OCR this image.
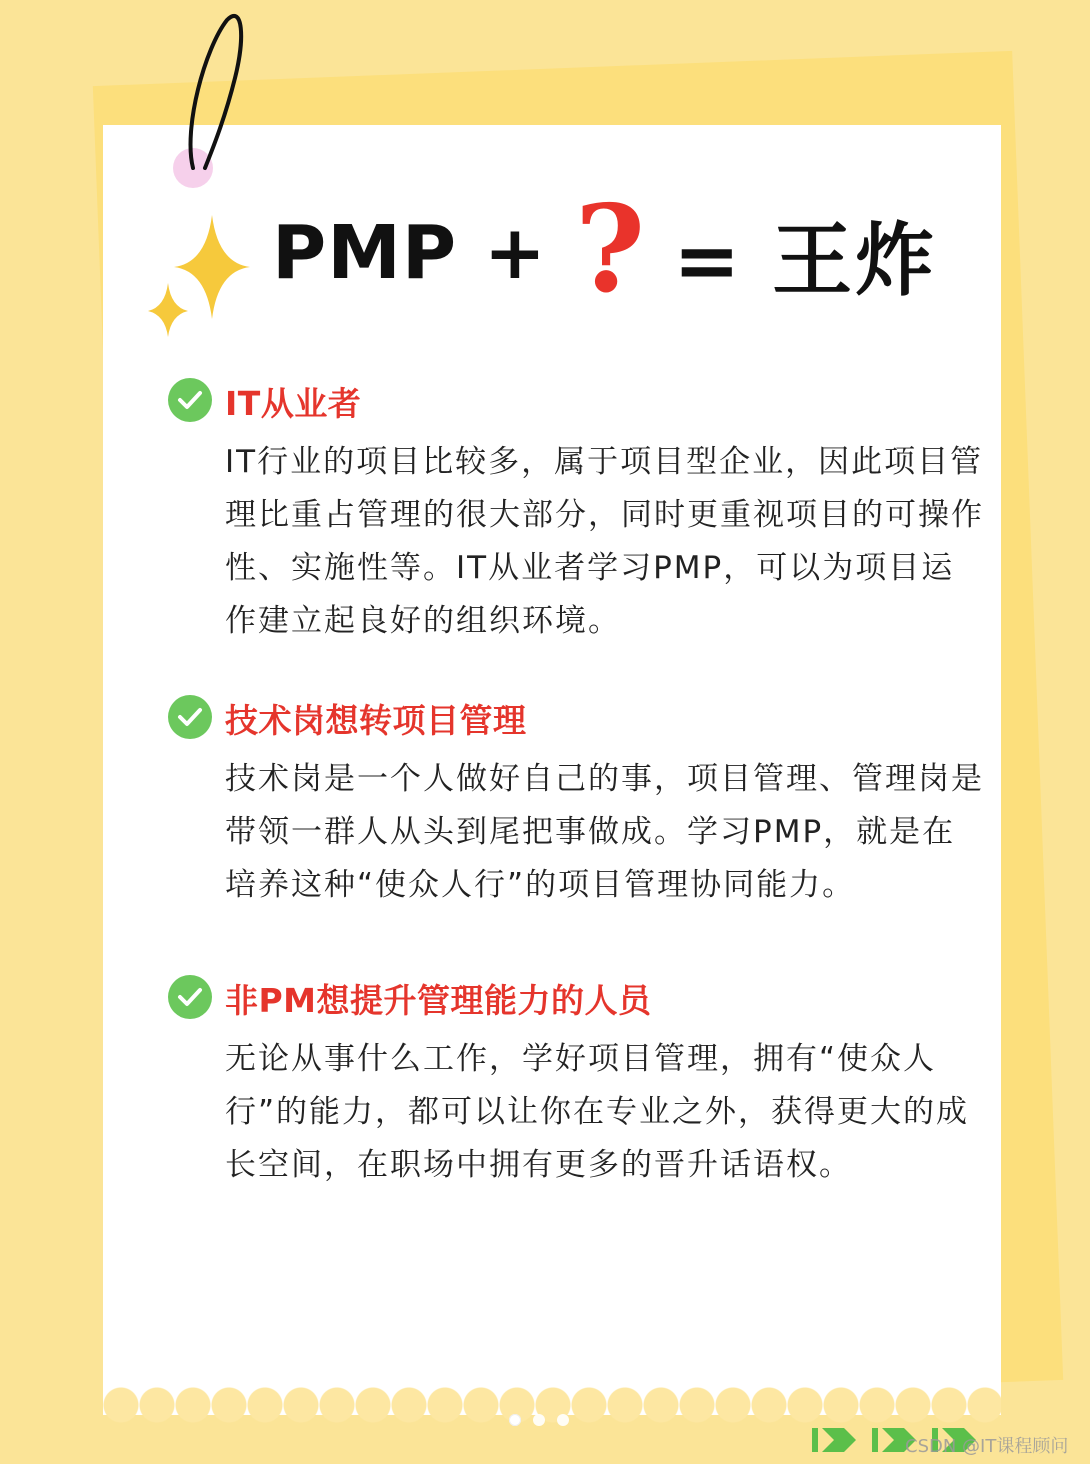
PMP + ? = 王炸
IT从业者
IT行业的项目比较多，属于项目型企业，因此项目管理比重占管理的很大部分，同时更重视项目的可操作性、实施性等。IT从业者学习PMP，可以为项目运作建立起良好的组织环境。
技术岗想转项目管理
技术岗是一个人做好自己的事，项目管理、管理岗是带领一群人从头到尾把事做成。学习PMP，就是在培养这种“使众人行”的项目管理协同能力。
非PM想提升管理能力的人员
无论从事什么工作，学好项目管理，拥有“使众人行”的能力，都可以让你在专业之外，获得更大的成长空间，在职场中拥有更多的晋升话语权。
CSDN @IT课程顾问
